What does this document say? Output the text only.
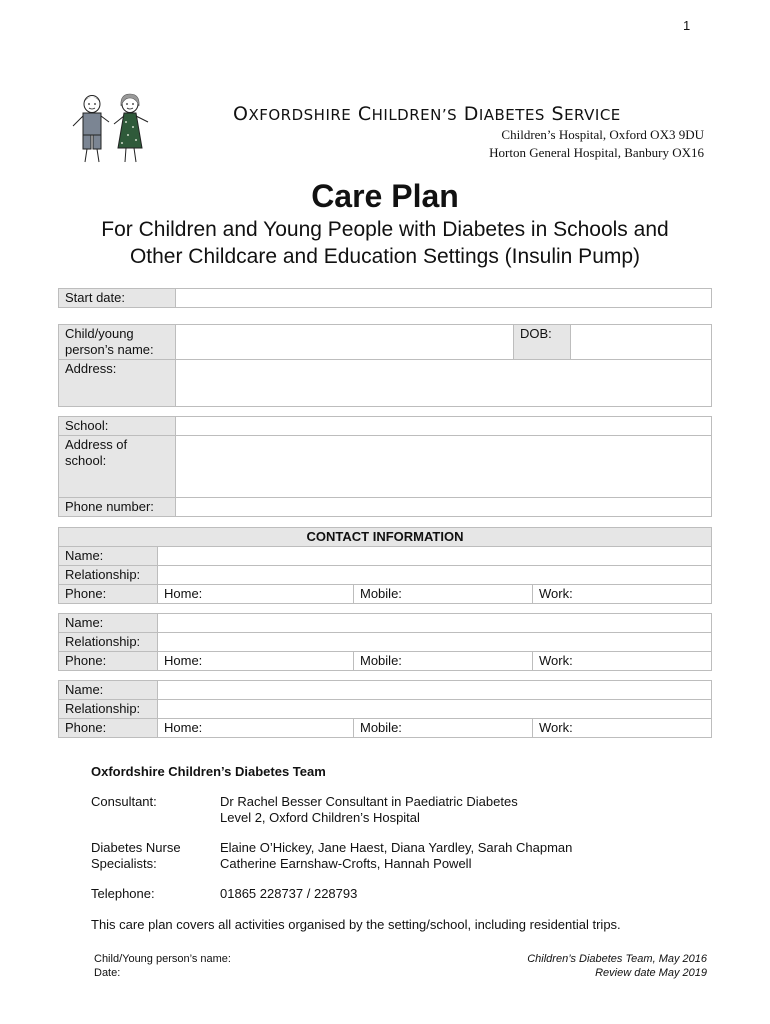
1
OXFORDSHIRE CHILDREN’S DIABETES SERVICE
Children’s Hospital, Oxford OX3 9DU
Horton General Hospital, Banbury OX16
Care Plan
For Children and Young People with Diabetes in Schools and
Other Childcare and Education Settings (Insulin Pump)
Start date:	
Child/young
person’s name:		DOB:	
Address:			
School:	

Address of
school:	

Phone number:	
CONTACT INFORMATION			
Name:			
Relationship:			
Phone:	Home:	Mobile:	Work:
Name:			
Relationship:			
Phone:	Home:	Mobile:	Work:
Name:			
Relationship:			
Phone:	Home:	Mobile:	Work:
Oxfordshire Children’s Diabetes Team
Consultant:	Dr Rachel Besser Consultant in Paediatric Diabetes
Level 2, Oxford Children’s Hospital
Diabetes Nurse
Specialists:
Elaine O’Hickey, Jane Haest, Diana Yardley, Sarah Chapman
Catherine Earnshaw-Crofts, Hannah Powell
Telephone:	01865 228737 / 228793
This care plan covers all activities organised by the setting/school, including residential trips.
Child/Young person’s name:
Date:
Children’s Diabetes Team, May 2016
Review date May 2019
